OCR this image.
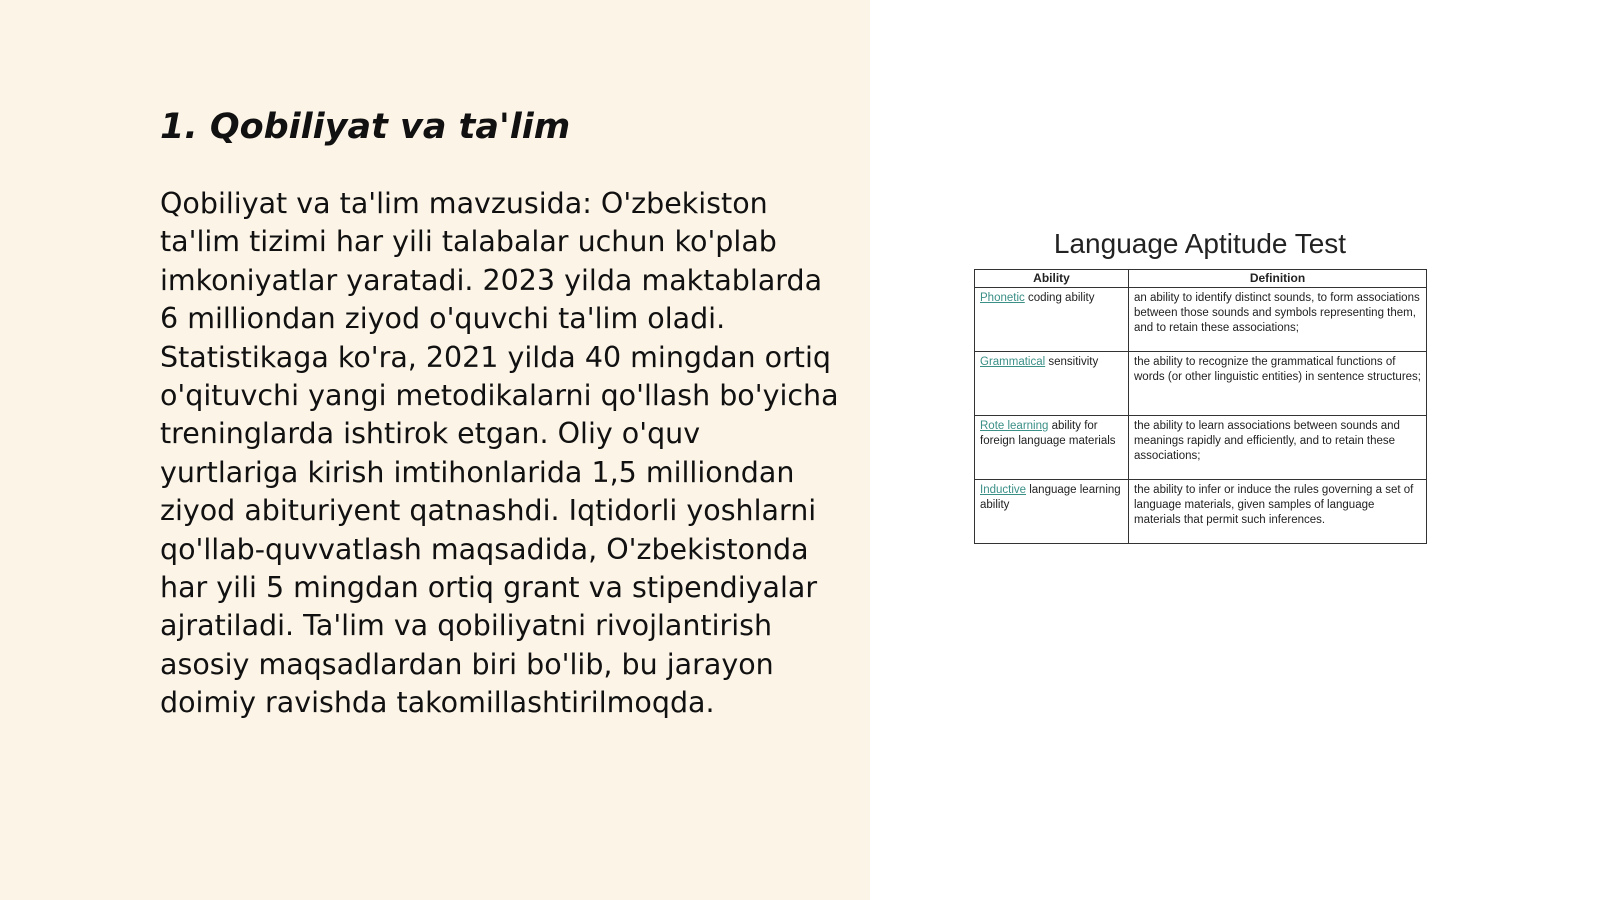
1. Qobiliyat va ta'lim

Qobiliyat va ta'lim mavzusida: O'zbekiston ta'lim tizimi har yili talabalar uchun ko'plab imkoniyatlar yaratadi. 2023 yilda maktablarda 6 milliondan ziyod o'quvchi ta'lim oladi. Statistikaga ko'ra, 2021 yilda 40 mingdan ortiq o'qituvchi yangi metodikalarni qo'llash bo'yicha treninglarda ishtirok etgan. Oliy o'quv yurtlariga kirish imtihonlarida 1,5 milliondan ziyod abituriyent qatnashdi. Iqtidorli yoshlarni qo'llab-quvvatlash maqsadida, O'zbekistonda har yili 5 mingdan ortiq grant va stipendiyalar ajratiladi. Ta'lim va qobiliyatni rivojlantirish asosiy maqsadlardan biri bo'lib, bu jarayon doimiy ravishda takomillashtirilmoqda.

Language Aptitude Test
Ability	Definition
Phonetic coding ability	an ability to identify distinct sounds, to form associations between those sounds and symbols representing them, and to retain these associations;
Grammatical sensitivity	the ability to recognize the grammatical functions of words (or other linguistic entities) in sentence structures;
Rote learning ability for foreign language materials	the ability to learn associations between sounds and meanings rapidly and efficiently, and to retain these associations;
Inductive language learning ability	the ability to infer or induce the rules governing a set of language materials, given samples of language materials that permit such inferences.
